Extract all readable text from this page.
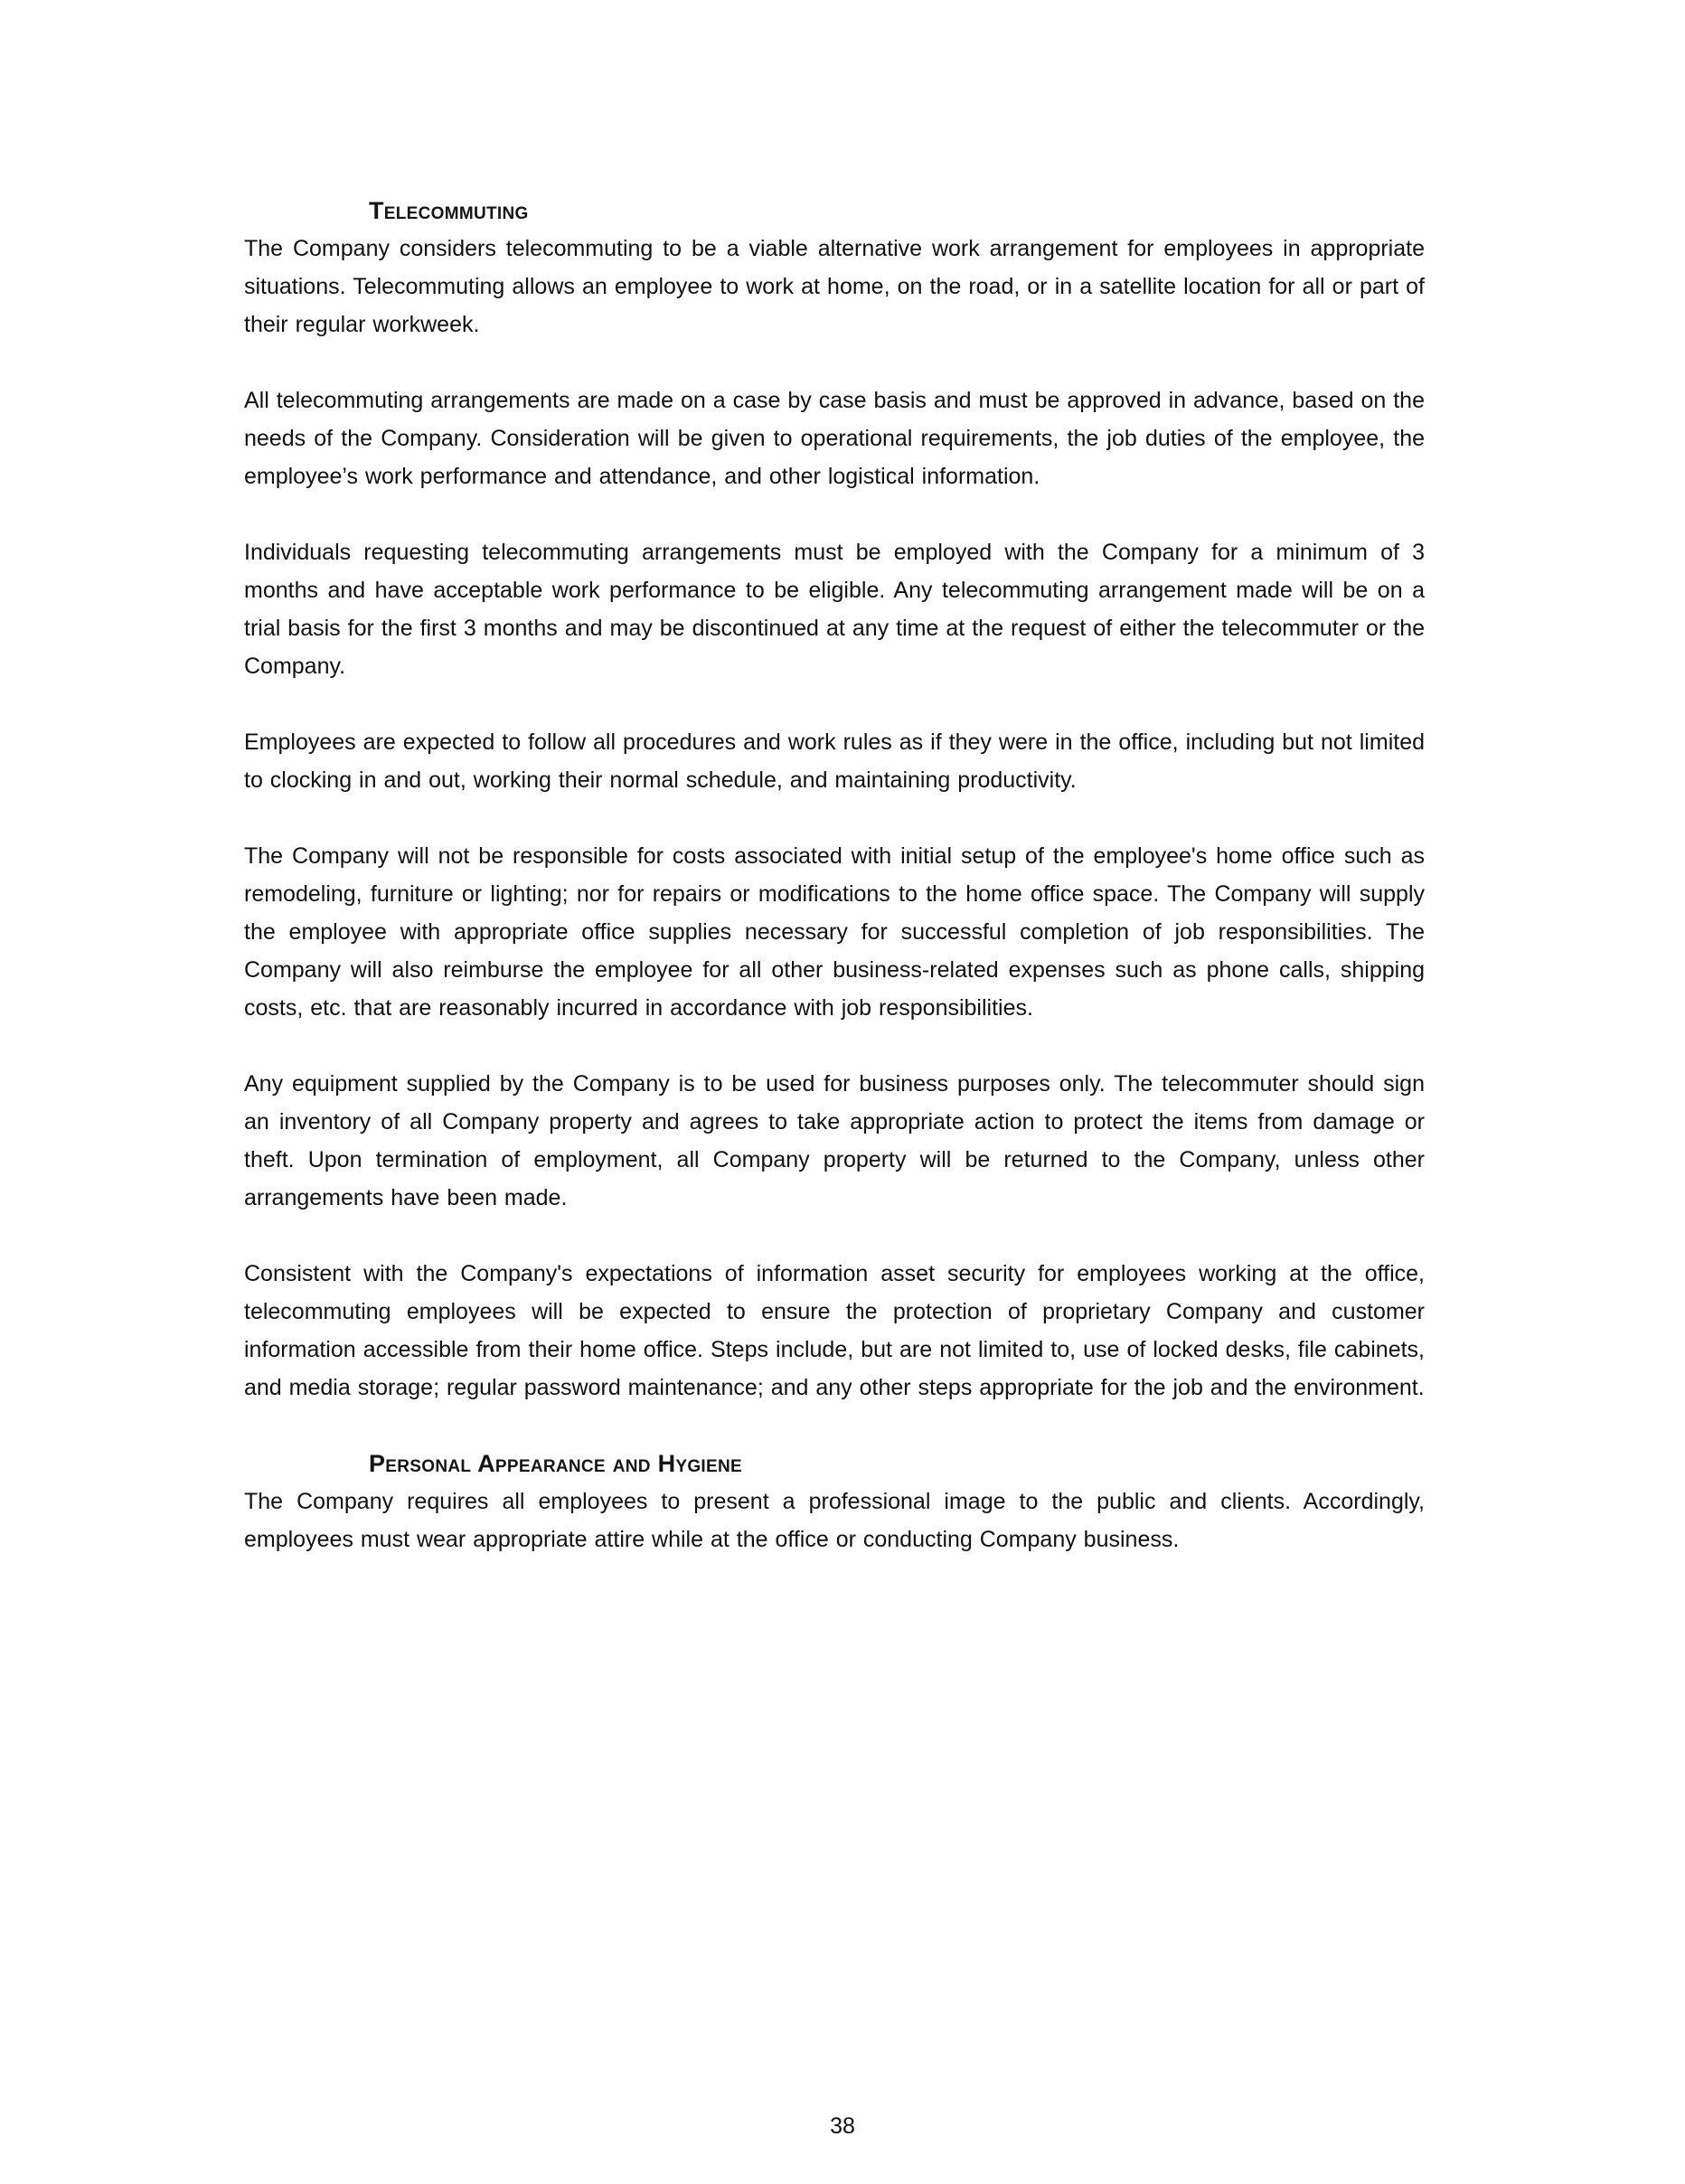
Telecommuting

The Company considers telecommuting to be a viable alternative work arrangement for employees in appropriate situations. Telecommuting allows an employee to work at home, on the road, or in a satellite location for all or part of their regular workweek.

All telecommuting arrangements are made on a case by case basis and must be approved in advance, based on the needs of the Company. Consideration will be given to operational requirements, the job duties of the employee, the employee’s work performance and attendance, and other logistical information.

Individuals requesting telecommuting arrangements must be employed with the Company for a minimum of 3 months and have acceptable work performance to be eligible. Any telecommuting arrangement made will be on a trial basis for the first 3 months and may be discontinued at any time at the request of either the telecommuter or the Company.

Employees are expected to follow all procedures and work rules as if they were in the office, including but not limited to clocking in and out, working their normal schedule, and maintaining productivity.

The Company will not be responsible for costs associated with initial setup of the employee's home office such as remodeling, furniture or lighting; nor for repairs or modifications to the home office space. The Company will supply the employee with appropriate office supplies necessary for successful completion of job responsibilities. The Company will also reimburse the employee for all other business-related expenses such as phone calls, shipping costs, etc. that are reasonably incurred in accordance with job responsibilities.

Any equipment supplied by the Company is to be used for business purposes only. The telecommuter should sign an inventory of all Company property and agrees to take appropriate action to protect the items from damage or theft. Upon termination of employment, all Company property will be returned to the Company, unless other arrangements have been made.

Consistent with the Company's expectations of information asset security for employees working at the office, telecommuting employees will be expected to ensure the protection of proprietary Company and customer information accessible from their home office. Steps include, but are not limited to, use of locked desks, file cabinets, and media storage; regular password maintenance; and any other steps appropriate for the job and the environment.

Personal Appearance and Hygiene

The Company requires all employees to present a professional image to the public and clients. Accordingly, employees must wear appropriate attire while at the office or conducting Company business.

38
